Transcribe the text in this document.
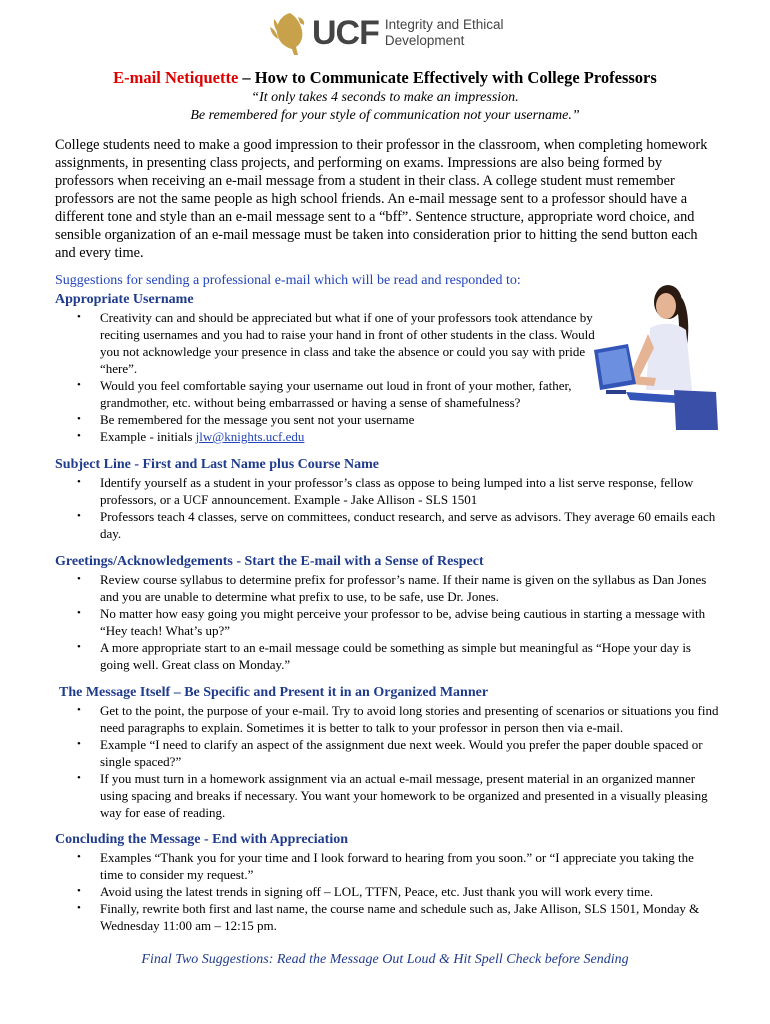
UCF Integrity and Ethical
Development
E-mail Netiquette – How to Communicate Effectively with College Professors
“It only takes 4 seconds to make an impression.
Be remembered for your style of communication not your username.”
College students need to make a good impression to their professor in the classroom, when completing homework assignments, in presenting class projects, and performing on exams. Impressions are also being formed by professors when receiving an e-mail message from a student in their class. A college student must remember professors are not the same people as high school friends. An e-mail message sent to a professor should have a different tone and style than an e-mail message sent to a “bff”. Sentence structure, appropriate word choice, and sensible organization of an e-mail message must be taken into consideration prior to hitting the send button each and every time.
Suggestions for sending a professional e-mail which will be read and responded to:
Appropriate Username
• Creativity can and should be appreciated but what if one of your professors took attendance by reciting usernames and you had to raise your hand in front of other students in the class. Would you not acknowledge your presence in class and take the absence or could you say with pride “here”.
• Would you feel comfortable saying your username out loud in front of your mother, father, grandmother, etc. without being embarrassed or having a sense of shamefulness?
• Be remembered for the message you sent not your username
• Example - initials jlw@knights.ucf.edu
Subject Line - First and Last Name plus Course Name
• Identify yourself as a student in your professor’s class as oppose to being lumped into a list serve response, fellow professors, or a UCF announcement. Example - Jake Allison - SLS 1501
• Professors teach 4 classes, serve on committees, conduct research, and serve as advisors. They average 60 emails each day.
Greetings/Acknowledgements - Start the E-mail with a Sense of Respect
• Review course syllabus to determine prefix for professor’s name. If their name is given on the syllabus as Dan Jones and you are unable to determine what prefix to use, to be safe, use Dr. Jones.
• No matter how easy going you might perceive your professor to be, advise being cautious in starting a message with “Hey teach! What’s up?”
• A more appropriate start to an e-mail message could be something as simple but meaningful as “Hope your day is going well. Great class on Monday.”
The Message Itself – Be Specific and Present it in an Organized Manner
• Get to the point, the purpose of your e-mail. Try to avoid long stories and presenting of scenarios or situations you find need paragraphs to explain. Sometimes it is better to talk to your professor in person then via e-mail.
• Example “I need to clarify an aspect of the assignment due next week. Would you prefer the paper double spaced or single spaced?”
• If you must turn in a homework assignment via an actual e-mail message, present material in an organized manner using spacing and breaks if necessary. You want your homework to be organized and presented in a visually pleasing way for ease of reading.
Concluding the Message - End with Appreciation
• Examples “Thank you for your time and I look forward to hearing from you soon.” or “I appreciate you taking the time to consider my request.”
• Avoid using the latest trends in signing off – LOL, TTFN, Peace, etc. Just thank you will work every time.
• Finally, rewrite both first and last name, the course name and schedule such as, Jake Allison, SLS 1501, Monday & Wednesday 11:00 am – 12:15 pm.
Final Two Suggestions: Read the Message Out Loud & Hit Spell Check before Sending
